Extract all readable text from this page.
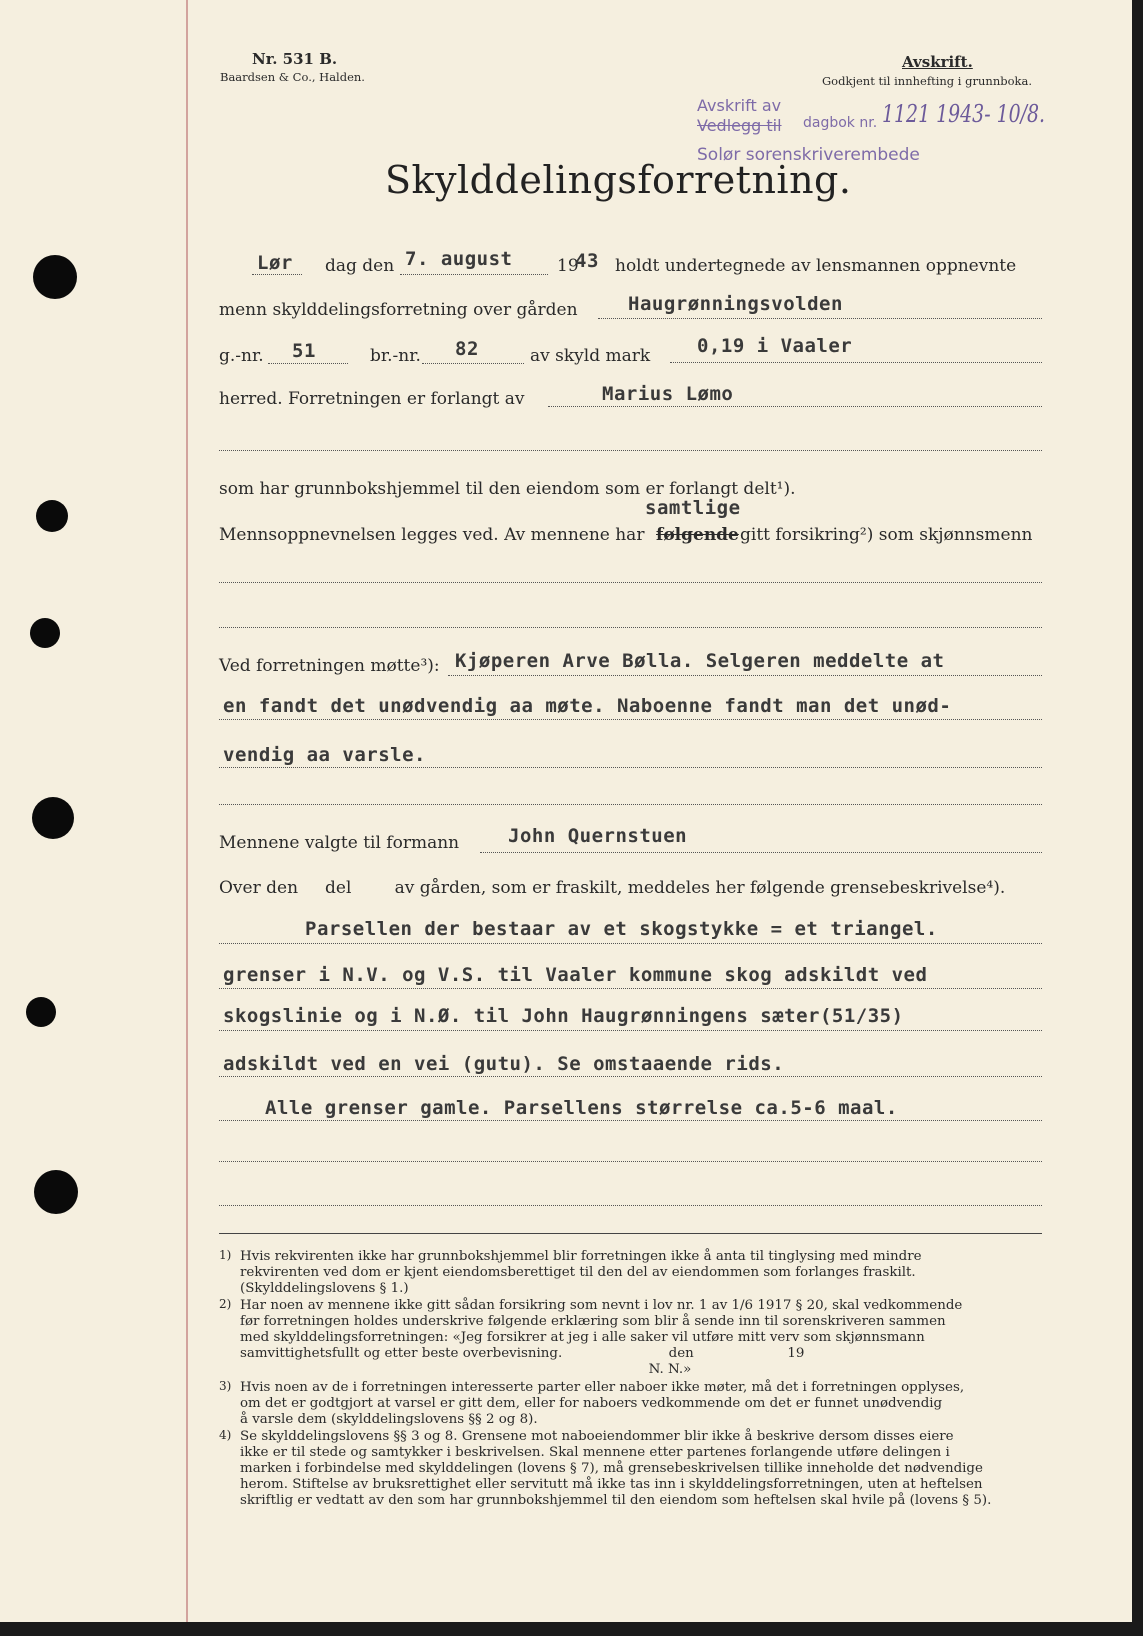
Nr. 531 B.
Baardsen & Co., Halden.
Avskrift.
Godkjent til innhefting i grunnboka.
Avskrift av
Vedlegg til dagbok nr. 1121 1943- 10/8.
Solør sorenskriverembede
Skylddelingsforretning.
Lør dag den 7. august	19
43 holdt undertegnede av lensmannen oppnevnte
menn skylddelingsforretning over gården	Haugrønningsvolden
g.-nr. 51	br.-nr. 82	av skyld mark 0,19 i Vaaler
herred. Forretningen er forlangt av	Marius Lømo
som har grunnbokshjemmel til den eiendom som er forlangt delt¹).
samtlige
Mennsoppnevnelsen legges ved. Av mennene har følgende gitt forsikring²) som skjønnsmenn
Ved forretningen møtte³): Kjøperen Arve Bølla. Selgeren meddelte at
en fandt det unødvendig aa møte. Naboenne fandt man det unød-
vendig aa varsle.
Mennene valgte til formann	John Quernstuen
Over den     del        av gården, som er fraskilt, meddeles her følgende grensebeskrivelse⁴).
Parsellen der bestaar av et skogstykke = et triangel.
grenser i N.V. og V.S. til Vaaler kommune skog adskildt ved
skogslinie og i N.Ø. til John Haugrønningens sæter(51/35)
adskildt ved en vei (gutu). Se omstaaende rids.
Alle grenser gamle. Parsellens størrelse ca.5-6 maal.
1) Hvis rekvirenten ikke har grunnbokshjemmel blir forretningen ikke å anta til tinglysing med mindre
rekvirenten ved dom er kjent eiendomsberettiget til den del av eiendommen som forlanges fraskilt.
(Skylddelingslovens § 1.)
2) Har noen av mennene ikke gitt sådan forsikring som nevnt i lov nr. 1 av 1/6 1917 § 20, skal vedkommende
før forretningen holdes underskrive følgende erklæring som blir å sende inn til sorenskriveren sammen
med skylddelingsforretningen: «Jeg forsikrer at jeg i alle saker vil utføre mitt verv som skjønnsmann
samvittighetsfullt og etter beste overbevisning.                         den                      19
N. N.»
3) Hvis noen av de i forretningen interesserte parter eller naboer ikke møter, må det i forretningen opplyses,
om det er godtgjort at varsel er gitt dem, eller for naboers vedkommende om det er funnet unødvendig
å varsle dem (skylddelingslovens §§ 2 og 8).
4) Se skylddelingslovens §§ 3 og 8. Grensene mot naboeiendommer blir ikke å beskrive dersom disses eiere
ikke er til stede og samtykker i beskrivelsen. Skal mennene etter partenes forlangende utføre delingen i
marken i forbindelse med skylddelingen (lovens § 7), må grensebeskrivelsen tillike inneholde det nødvendige
herom. Stiftelse av bruksrettighet eller servitutt må ikke tas inn i skylddelingsforretningen, uten at heftelsen
skriftlig er vedtatt av den som har grunnbokshjemmel til den eiendom som heftelsen skal hvile på (lovens § 5).
